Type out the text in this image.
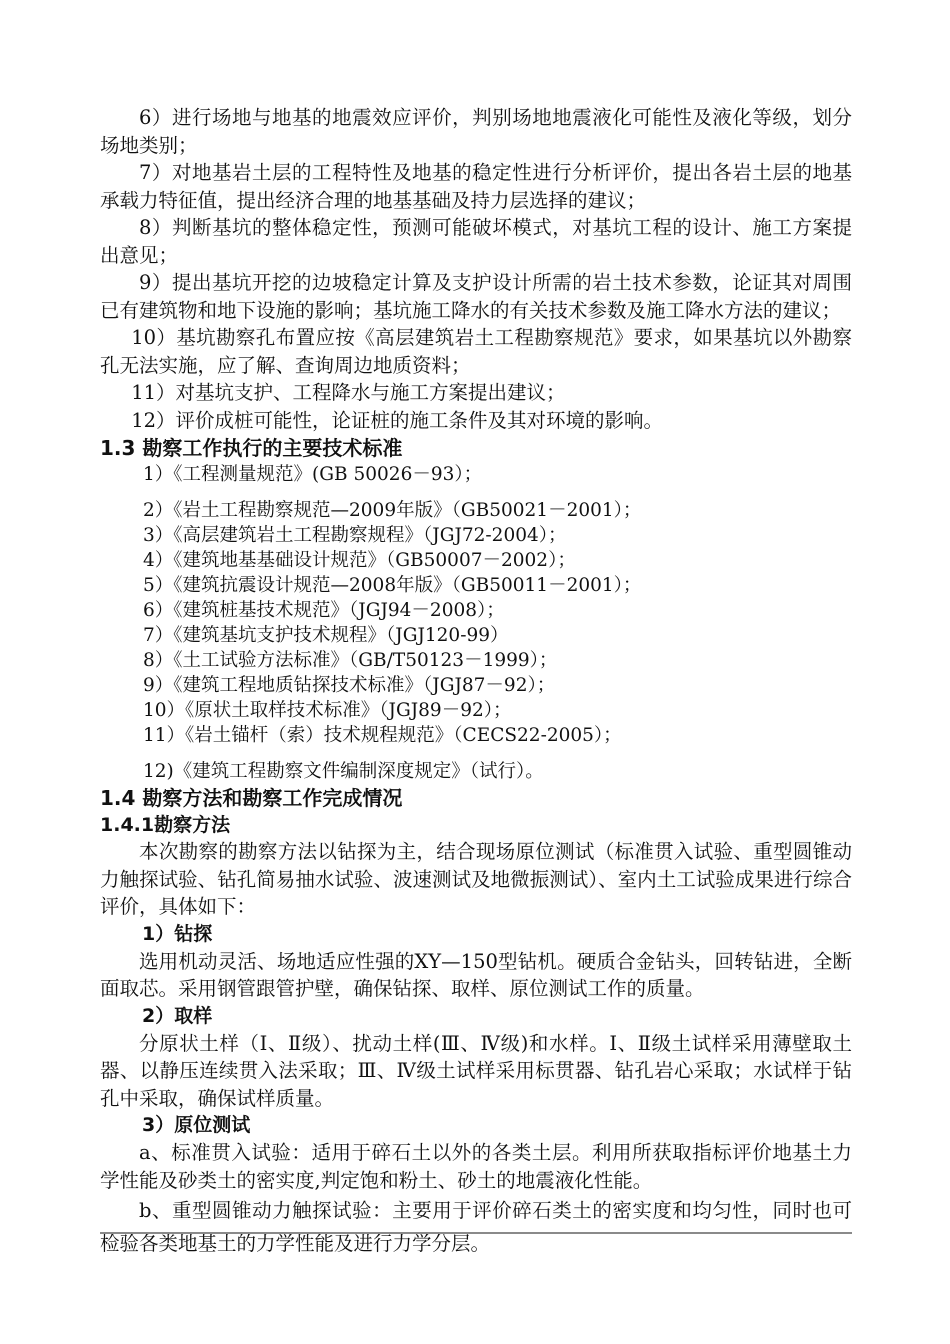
6）进行场地与地基的地震效应评价，判别场地地震液化可能性及液化等级，划分场地类别；

7）对地基岩土层的工程特性及地基的稳定性进行分析评价，提出各岩土层的地基承载力特征值，提出经济合理的地基基础及持力层选择的建议；

8）判断基坑的整体稳定性，预测可能破坏模式，对基坑工程的设计、施工方案提出意见；

9）提出基坑开挖的边坡稳定计算及支护设计所需的岩土技术参数，论证其对周围已有建筑物和地下设施的影响；基坑施工降水的有关技术参数及施工降水方法的建议；

10）基坑勘察孔布置应按《高层建筑岩土工程勘察规范》要求，如果基坑以外勘察孔无法实施，应了解、查询周边地质资料；

11）对基坑支护、工程降水与施工方案提出建议；

12）评价成桩可能性，论证桩的施工条件及其对环境的影响。

1.3 勘察工作执行的主要技术标准

1）《工程测量规范》(GB 50026－93）；

2）《岩土工程勘察规范—2009年版》（GB50021－2001）；

3）《高层建筑岩土工程勘察规程》（JGJ72-2004）；

4）《建筑地基基础设计规范》（GB50007－2002）；

5）《建筑抗震设计规范—2008年版》（GB50011－2001）；

6）《建筑桩基技术规范》（JGJ94－2008）；

7）《建筑基坑支护技术规程》（JGJ120-99）

8）《土工试验方法标准》（GB/T50123－1999）；

9）《建筑工程地质钻探技术标准》（JGJ87－92）；

10）《原状土取样技术标准》（JGJ89－92）；

11）《岩土锚杆（索）技术规程规范》（CECS22-2005）；

12)《建筑工程勘察文件编制深度规定》（试行）。

1.4 勘察方法和勘察工作完成情况

1.4.1勘察方法

本次勘察的勘察方法以钻探为主，结合现场原位测试（标准贯入试验、重型圆锥动力触探试验、钻孔简易抽水试验、波速测试及地微振测试）、室内土工试验成果进行综合评价，具体如下：

1）钻探

选用机动灵活、场地适应性强的XY—150型钻机。硬质合金钻头，回转钻进，全断面取芯。采用钢管跟管护壁，确保钻探、取样、原位测试工作的质量。

2）取样

分原状土样（Ⅰ、Ⅱ级）、扰动土样(Ⅲ、Ⅳ级)和水样。Ⅰ、Ⅱ级土试样采用薄壁取土器、以静压连续贯入法采取；Ⅲ、Ⅳ级土试样采用标贯器、钻孔岩心采取；水试样于钻孔中采取，确保试样质量。

3）原位测试

a、标准贯入试验：适用于碎石土以外的各类土层。利用所获取指标评价地基土力学性能及砂类土的密实度,判定饱和粉土、砂土的地震液化性能。

b、重型圆锥动力触探试验：主要用于评价碎石类土的密实度和均匀性，同时也可检验各类地基土的力学性能及进行力学分层。
